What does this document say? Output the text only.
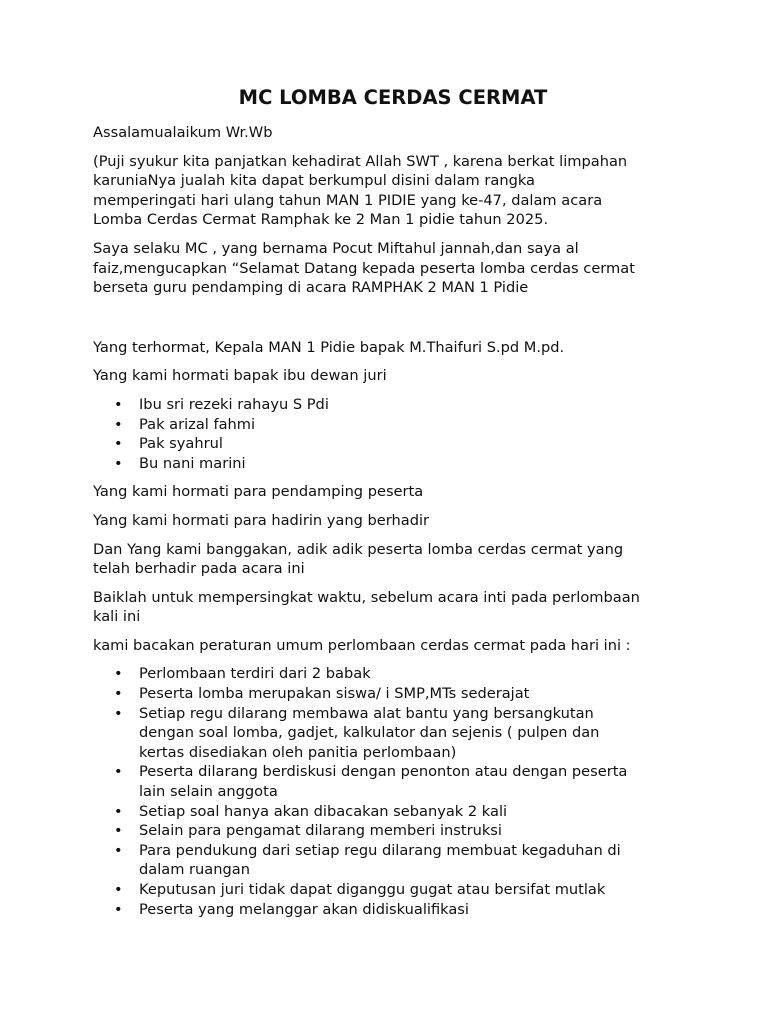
MC LOMBA CERDAS CERMAT

Assalamualaikum Wr.Wb

(Puji syukur kita panjatkan kehadirat Allah SWT , karena berkat limpahan
karuniaNya jualah kita dapat berkumpul disini dalam rangka
memperingati hari ulang tahun MAN 1 PIDIE yang ke-47, dalam acara
Lomba Cerdas Cermat Ramphak ke 2 Man 1 pidie tahun 2025.

Saya selaku MC , yang bernama Pocut Miftahul jannah,dan saya al
faiz,mengucapkan “Selamat Datang kepada peserta lomba cerdas cermat
berseta guru pendamping di acara RAMPHAK 2 MAN 1 Pidie

Yang terhormat, Kepala MAN 1 Pidie bapak M.Thaifuri S.pd M.pd.

Yang kami hormati bapak ibu dewan juri

• Ibu sri rezeki rahayu S Pdi
• Pak arizal fahmi
• Pak syahrul
• Bu nani marini

Yang kami hormati para pendamping peserta

Yang kami hormati para hadirin yang berhadir

Dan Yang kami banggakan, adik adik peserta lomba cerdas cermat yang
telah berhadir pada acara ini

Baiklah untuk mempersingkat waktu, sebelum acara inti pada perlombaan
kali ini

kami bacakan peraturan umum perlombaan cerdas cermat pada hari ini :

• Perlombaan terdiri dari 2 babak
• Peserta lomba merupakan siswa/ i SMP,MTs sederajat
• Setiap regu dilarang membawa alat bantu yang bersangkutan
dengan soal lomba, gadjet, kalkulator dan sejenis ( pulpen dan
kertas disediakan oleh panitia perlombaan)
• Peserta dilarang berdiskusi dengan penonton atau dengan peserta
lain selain anggota
• Setiap soal hanya akan dibacakan sebanyak 2 kali
• Selain para pengamat dilarang memberi instruksi
• Para pendukung dari setiap regu dilarang membuat kegaduhan di
dalam ruangan
• Keputusan juri tidak dapat diganggu gugat atau bersifat mutlak
• Peserta yang melanggar akan didiskualifikasi
